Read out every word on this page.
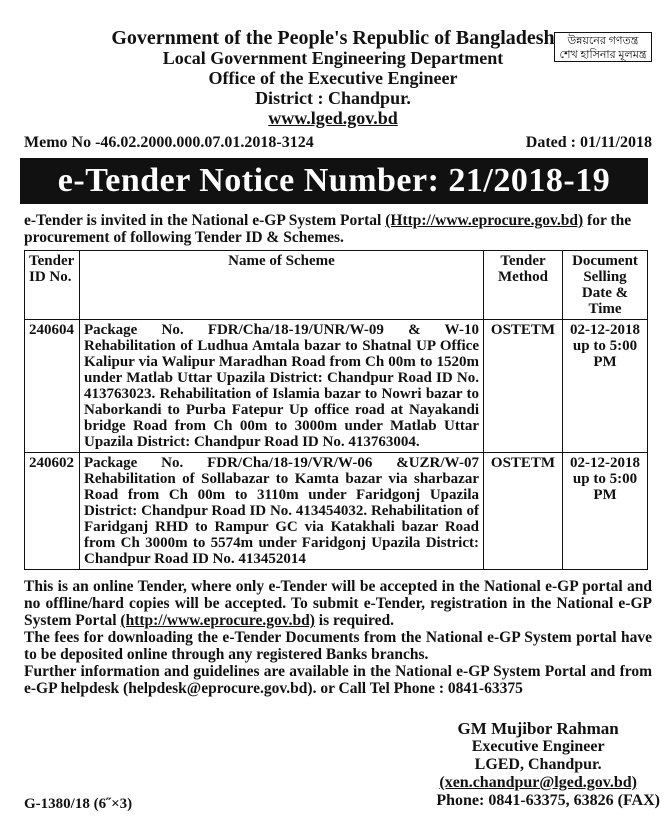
Government of the People's Republic of Bangladesh
Local Government Engineering Department
Office of the Executive Engineer
District : Chandpur.
www.lged.gov.bd
উন্নয়নের গণতন্ত্র
শেখ হাসিনার মূলমন্ত্র
Memo No -46.02.2000.000.07.01.2018-3124	Dated : 01/11/2018
e-Tender Notice Number: 21/2018-19
e-Tender is invited in the National e-GP System Portal (Http://www.eprocure.gov.bd) for the procurement of following Tender ID & Schemes.
Tender ID No.	Name of Scheme	Tender Method	Document Selling Date & Time
240604	Package No. FDR/Cha/18-19/UNR/W-09 & W-10 Rehabilitation of Ludhua Amtala bazar to Shatnal UP Office Kalipur via Walipur Maradhan Road from Ch 00m to 1520m under Matlab Uttar Upazila District: Chandpur Road ID No. 413763023. Rehabilitation of Islamia bazar to Nowri bazar to Naborkandi to Purba Fatepur Up office road at Nayakandi bridge Road from Ch 00m to 3000m under Matlab Uttar Upazila District: Chandpur Road ID No. 413763004.	OSTETM	02-12-2018 up to 5:00 PM
240602	Package No. FDR/Cha/18-19/VR/W-06 &UZR/W-07 Rehabilitation of Sollabazar to Kamta bazar via sharbazar Road from Ch 00m to 3110m under Faridgonj Upazila District: Chandpur Road ID No. 413454032. Rehabilitation of Faridganj RHD to Rampur GC via Katakhali bazar Road from Ch 3000m to 5574m under Faridgonj Upazila District: Chandpur Road ID No. 413452014	OSTETM	02-12-2018 up to 5:00 PM
This is an online Tender, where only e-Tender will be accepted in the National e-GP portal and no offline/hard copies will be accepted. To submit e-Tender, registration in the National e-GP System Portal (http://www.eprocure.gov.bd) is required.
The fees for downloading the e-Tender Documents from the National e-GP System portal have to be deposited online through any registered Banks branchs.
Further information and guidelines are available in the National e-GP System Portal and from e-GP helpdesk (helpdesk@eprocure.gov.bd). or Call Tel Phone : 0841-63375
GM Mujibor Rahman
Executive Engineer
LGED, Chandpur.
(xen.chandpur@lged.gov.bd)
Phone: 0841-63375, 63826 (FAX)
G-1380/18 (6˝×3)
